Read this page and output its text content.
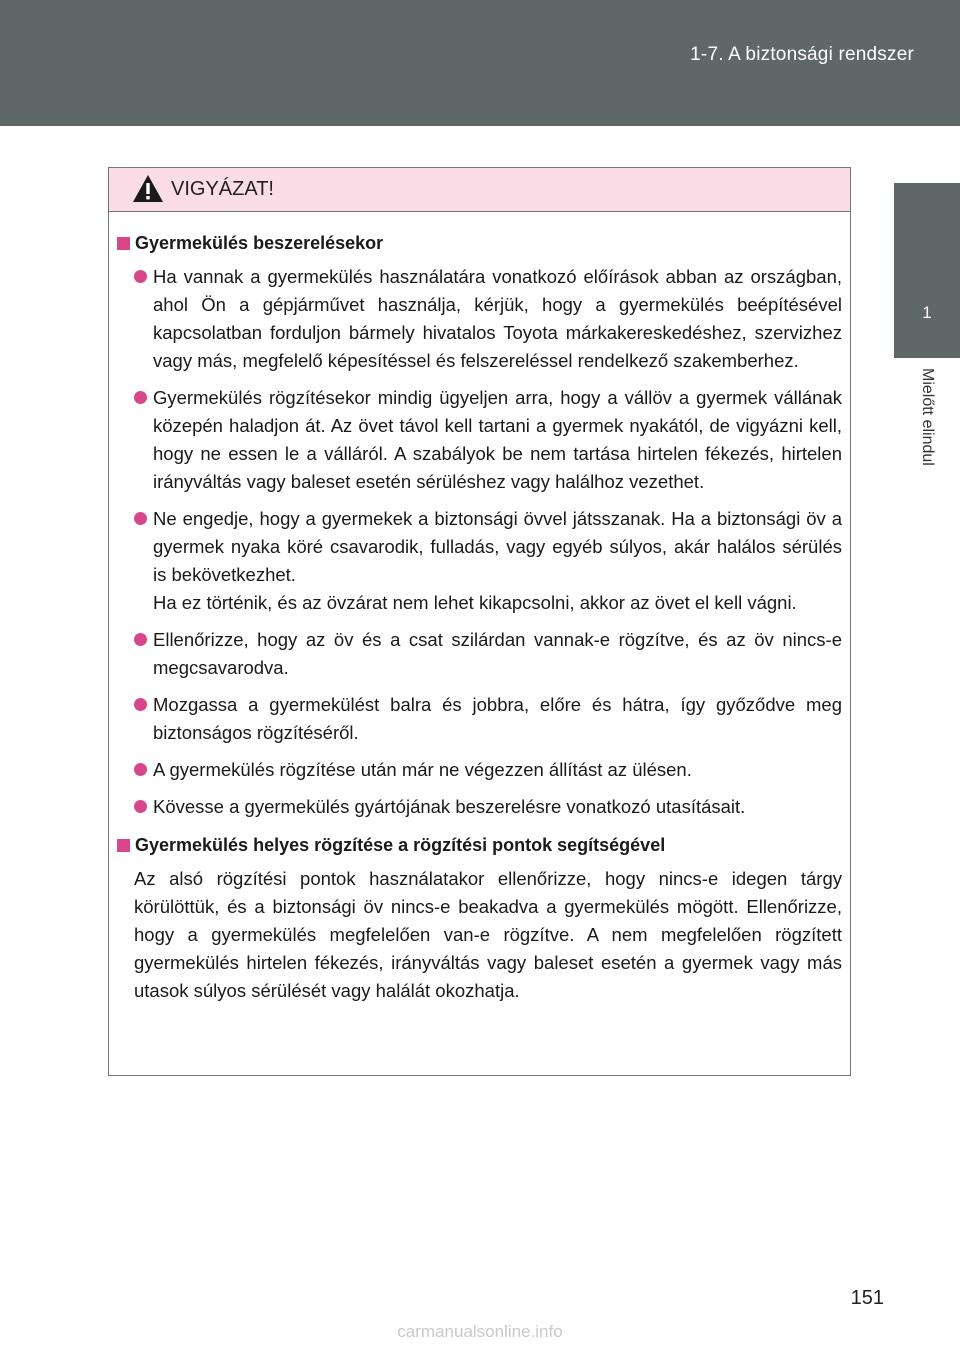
1-7. A biztonsági rendszer
1
Mielőtt elindul
VIGYÁZAT!
Gyermekülés beszerelésekor
Ha vannak a gyermekülés használatára vonatkozó előírások abban az országban, ahol Ön a gépjárművet használja, kérjük, hogy a gyermekülés beépítésével kapcsolatban forduljon bármely hivatalos Toyota márkakereskedéshez, szervizhez vagy más, megfelelő képesítéssel és felszereléssel rendelkező szakemberhez.
Gyermekülés rögzítésekor mindig ügyeljen arra, hogy a vállöv a gyermek vállának közepén haladjon át. Az övet távol kell tartani a gyermek nyakától, de vigyázni kell, hogy ne essen le a válláról. A szabályok be nem tartása hirtelen fékezés, hirtelen irányváltás vagy baleset esetén sérüléshez vagy halálhoz vezethet.
Ne engedje, hogy a gyermekek a biztonsági övvel játsszanak. Ha a biztonsági öv a gyermek nyaka köré csavarodik, fulladás, vagy egyéb súlyos, akár halálos sérülés is bekövetkezhet.
Ha ez történik, és az övzárat nem lehet kikapcsolni, akkor az övet el kell vágni.
Ellenőrizze, hogy az öv és a csat szilárdan vannak-e rögzítve, és az öv nincs-e megcsavarodva.
Mozgassa a gyermekülést balra és jobbra, előre és hátra, így győződve meg biztonságos rögzítéséről.
A gyermekülés rögzítése után már ne végezzen állítást az ülésen.
Kövesse a gyermekülés gyártójának beszerelésre vonatkozó utasításait.
Gyermekülés helyes rögzítése a rögzítési pontok segítségével
Az alsó rögzítési pontok használatakor ellenőrizze, hogy nincs-e idegen tárgy körülöttük, és a biztonsági öv nincs-e beakadva a gyermekülés mögött. Ellenőrizze, hogy a gyermekülés megfelelően van-e rögzítve. A nem megfelelően rögzített gyermekülés hirtelen fékezés, irányváltás vagy baleset esetén a gyermek vagy más utasok súlyos sérülését vagy halálát okozhatja.
151
carmanualsonline.info
